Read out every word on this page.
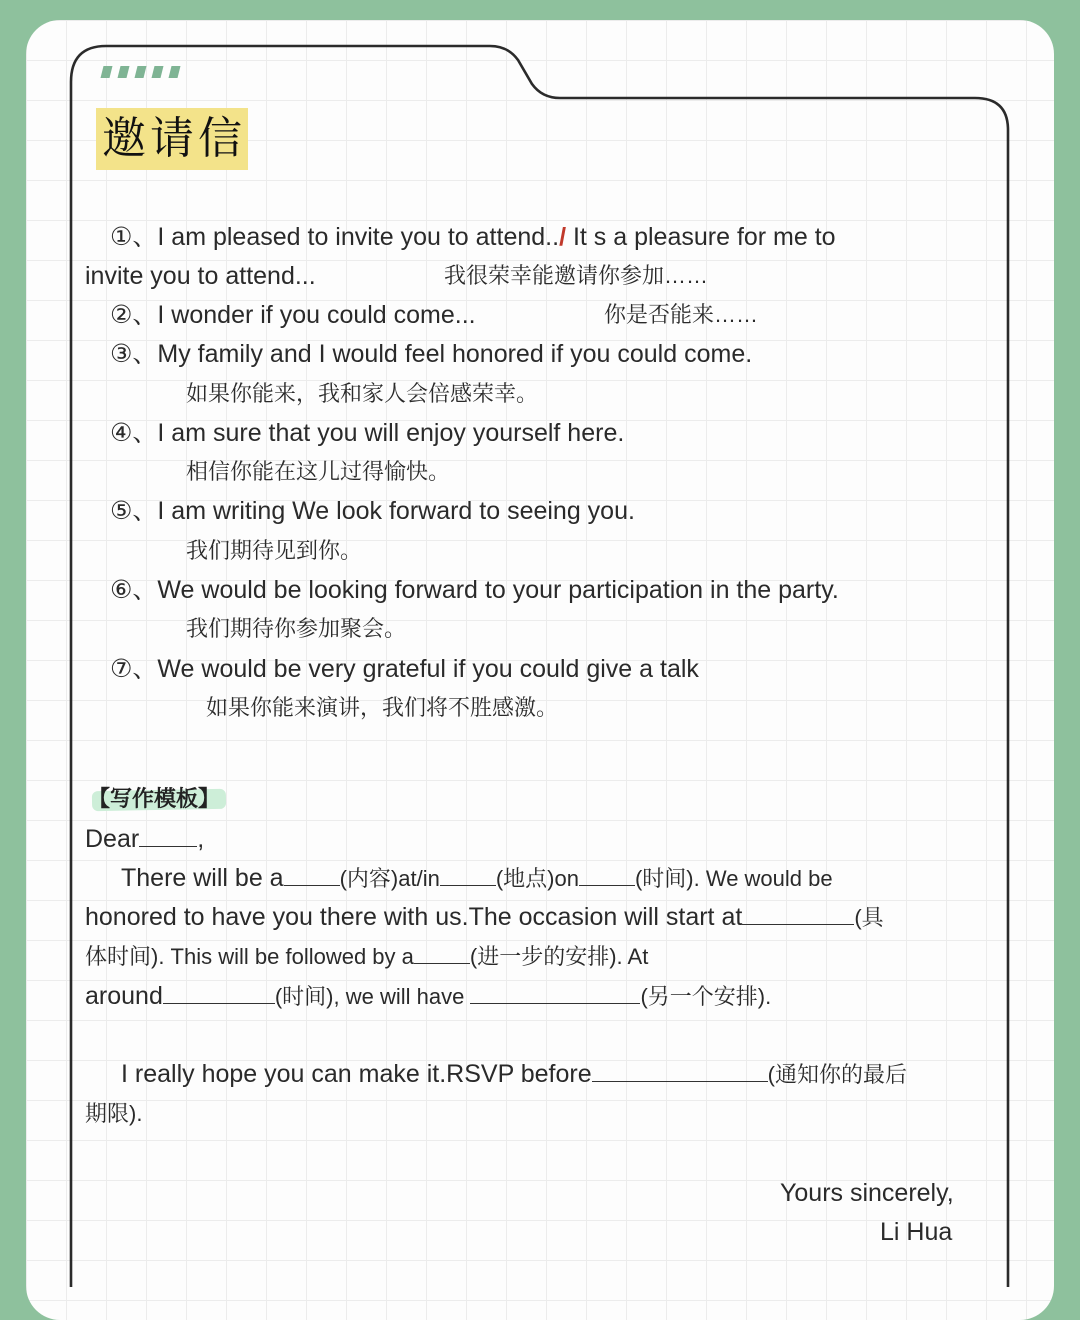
邀请信
①、I am pleased to invite you to attend../ It s a pleasure for me to
invite you to attend...	我很荣幸能邀请你参加……
②、I wonder if you could come...	你是否能来……
③、My family and I would feel honored if you could come.
如果你能来，我和家人会倍感荣幸。
④、I am sure that you will enjoy yourself here.
相信你能在这儿过得愉快。
⑤、I am writing We look forward to seeing you.
我们期待见到你。
⑥、We would be looking forward to your participation in the party.
我们期待你参加聚会。
⑦、We would be very grateful if you could give a talk
如果你能来演讲，我们将不胜感激。
【写作模板】
Dear ,
There will be a	(内容)at/in	(地点)on	(时间). We would be
honored to have you there with us.The occasion will start at	(具
体时间). This will be followed by a	(进一步的安排). At
around	(时间), we will have	(另一个安排).
I really hope you can make it.RSVP before	(通知你的最后
期限).
Yours sincerely,
Li Hua
